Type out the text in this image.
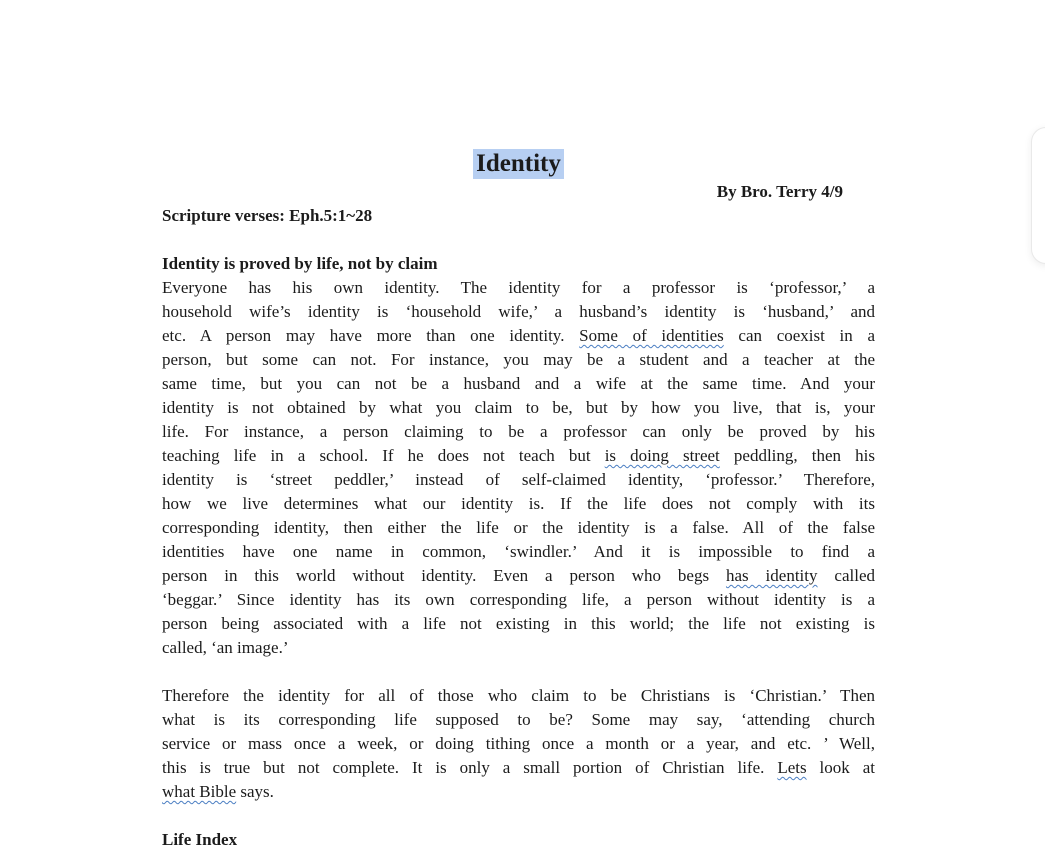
Identity
By Bro. Terry 4/9
Scripture verses: Eph.5:1~28
Identity is proved by life, not by claim
Everyone has his own identity. The identity for a professor is ‘professor,’ a
household wife’s identity is ‘household wife,’ a husband’s identity is ‘husband,’ and
etc. A person may have more than one identity. Some of identities can coexist in a
person, but some can not. For instance, you may be a student and a teacher at the
same time, but you can not be a husband and a wife at the same time. And your
identity is not obtained by what you claim to be, but by how you live, that is, your
life. For instance, a person claiming to be a professor can only be proved by his
teaching life in a school. If he does not teach but is doing street peddling, then his
identity is ‘street peddler,’ instead of self-claimed identity, ‘professor.’ Therefore,
how we live determines what our identity is. If the life does not comply with its
corresponding identity, then either the life or the identity is a false. All of the false
identities have one name in common, ‘swindler.’ And it is impossible to find a
person in this world without identity. Even a person who begs has identity called
‘beggar.’ Since identity has its own corresponding life, a person without identity is a
person being associated with a life not existing in this world; the life not existing is
called, ‘an image.’
Therefore the identity for all of those who claim to be Christians is ‘Christian.’ Then
what is its corresponding life supposed to be? Some may say, ‘attending church
service or mass once a week, or doing tithing once a month or a year, and etc. ’ Well,
this is true but not complete. It is only a small portion of Christian life. Lets look at
what Bible says.
Life Index
